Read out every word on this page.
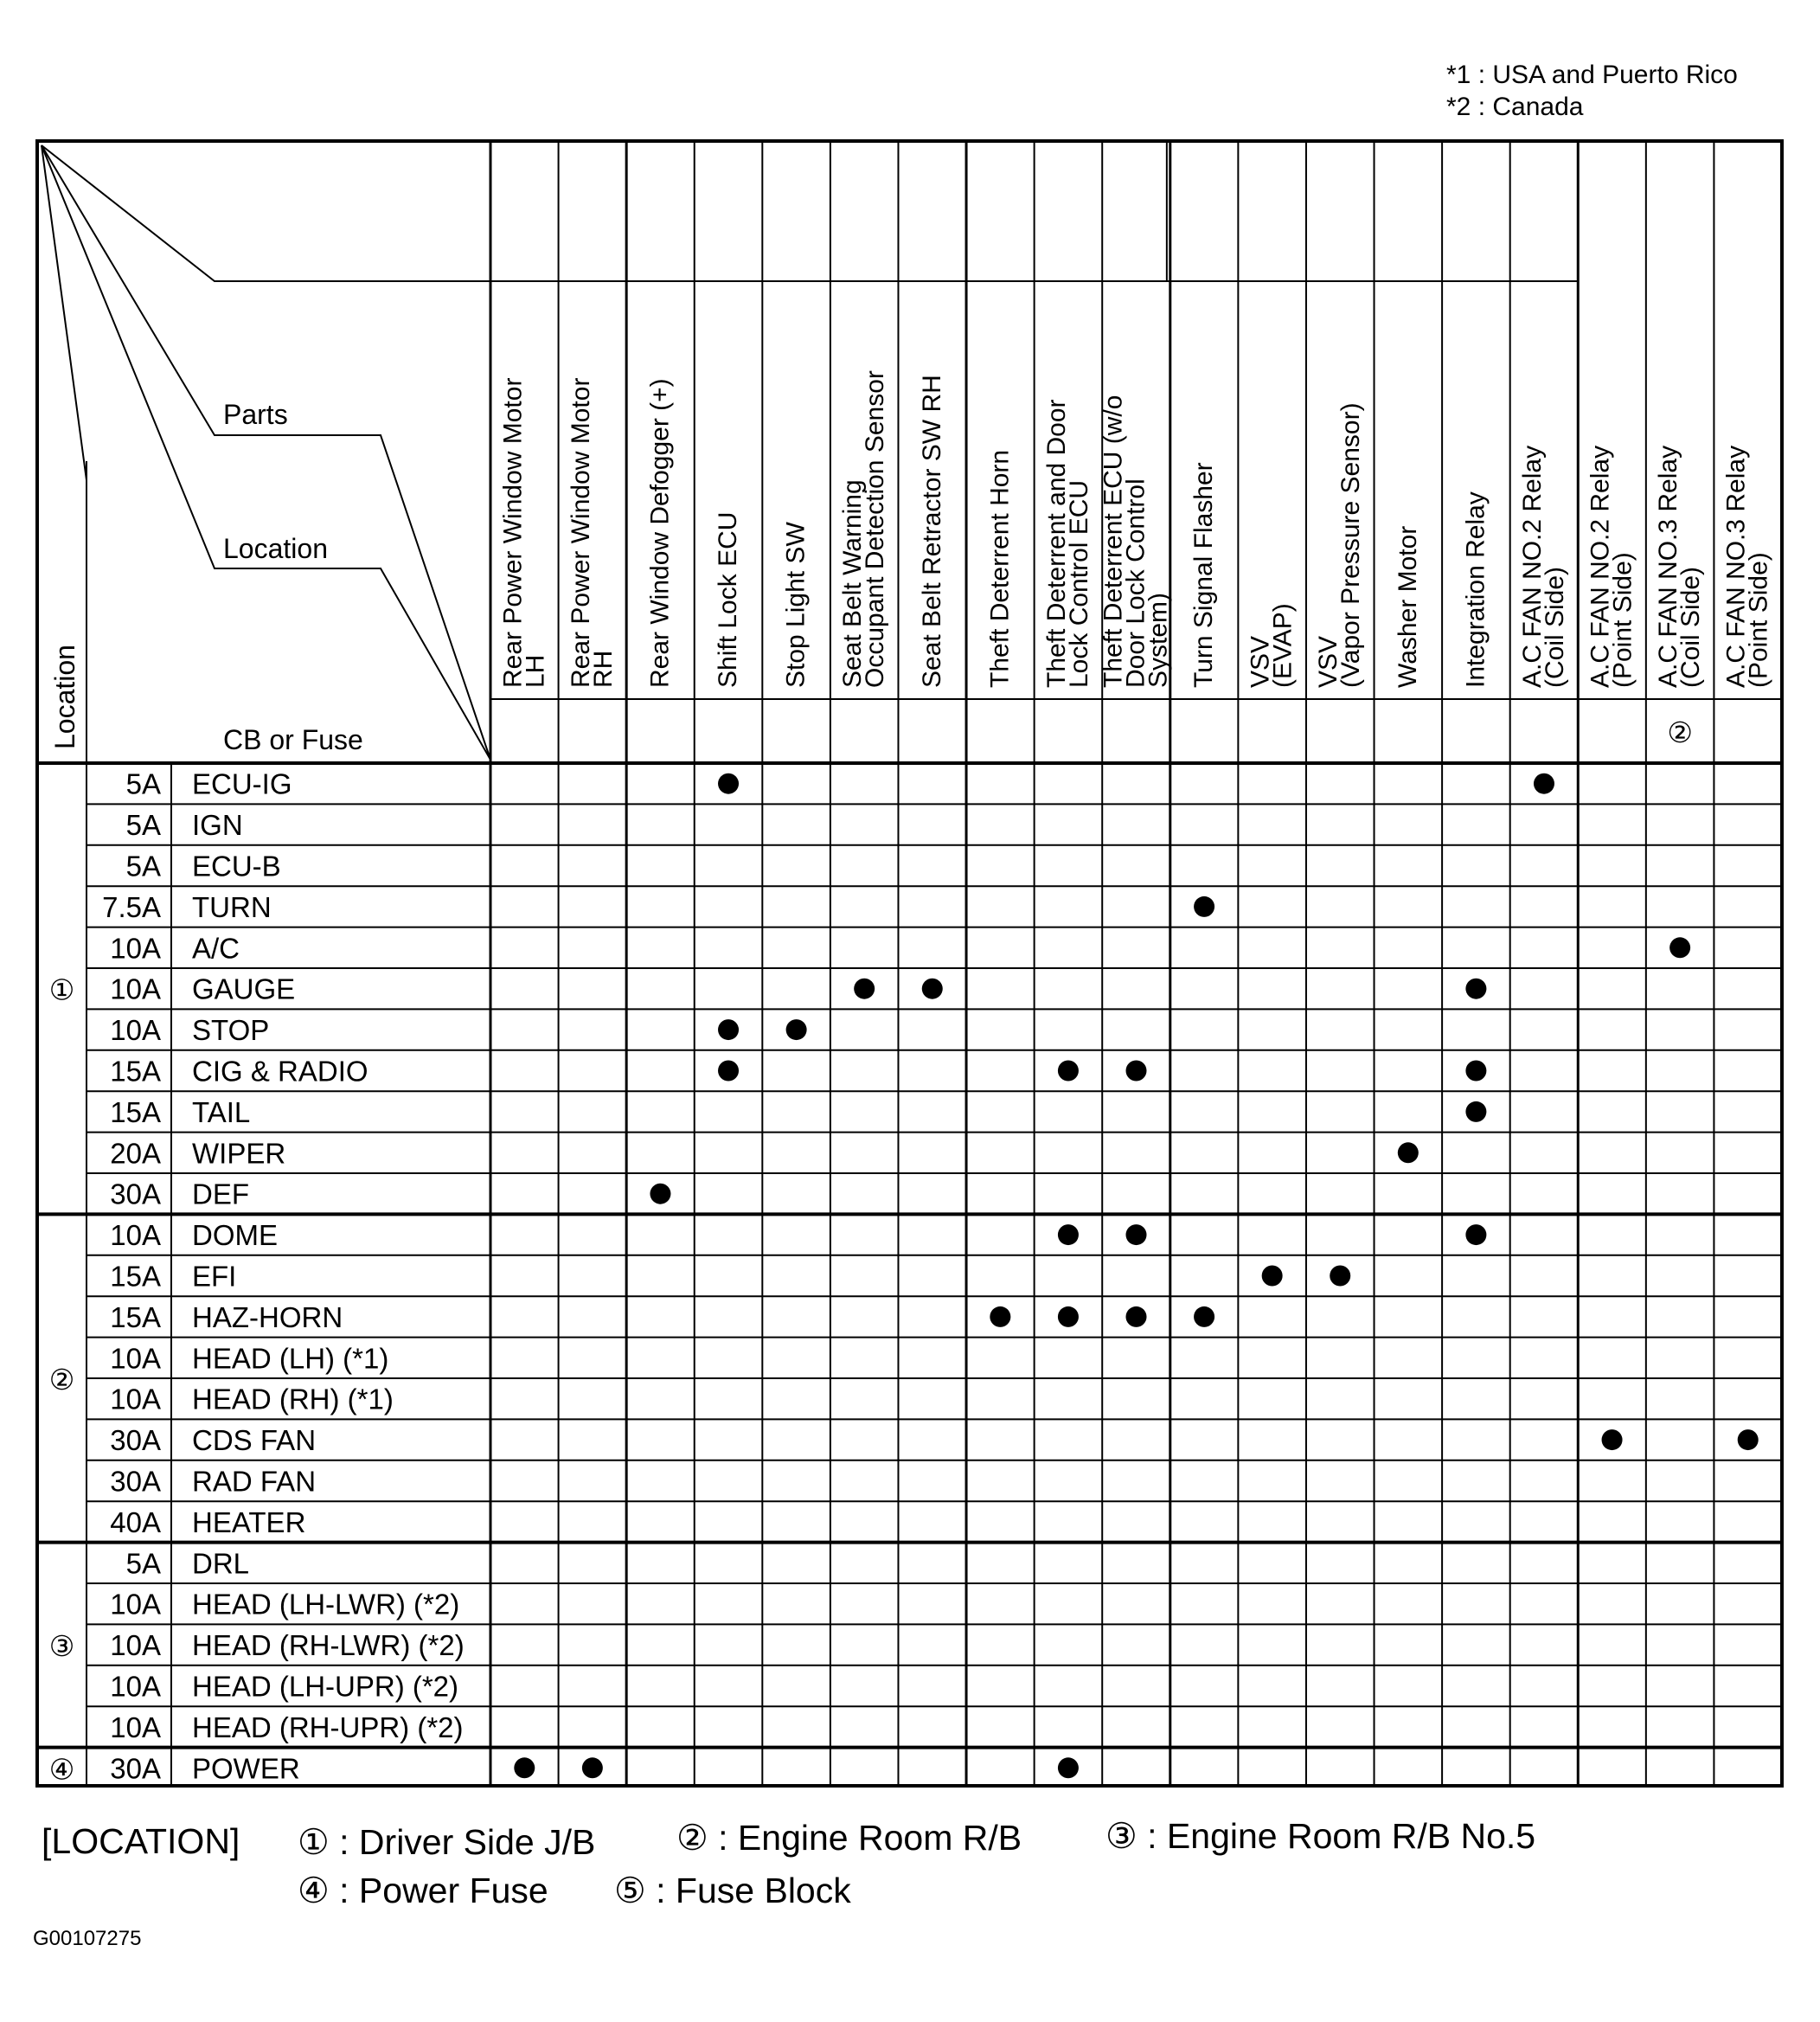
*1 : USA and Puerto Rico
*2 : Canada
Parts
Location
CB or Fuse
Location
Rear Power Window Motor
LH Rear Power Window Motor
RH Rear Window Defogger (+) Shift Lock ECU Stop Light SW Seat Belt Warning
Occupant Detection Sensor Seat Belt Retractor SW RH Theft Deterrent Horn Theft Deterrent and Door
Lock Control ECU Theft Deterrent ECU (w/o
Door Lock Control
System) Turn Signal Flasher VSV
(EVAP) VSV
(Vapor Pressure Sensor) Washer Motor Integration Relay A.C FAN NO.2 Relay
(Coil Side) A.C FAN NO.2 Relay
(Point Side) A.C FAN NO.3 Relay
(Coil Side) A.C FAN NO.3 Relay
(Point Side)
②
5A ECU-IG
5A IGN
5A ECU-B
7.5A TURN
10A A/C
10A GAUGE
10A STOP
15A CIG & RADIO
15A TAIL
20A WIPER
30A DEF
①
10A DOME
15A EFI
15A HAZ-HORN
10A HEAD (LH) (*1)
10A HEAD (RH) (*1)
30A CDS FAN
30A RAD FAN
40A HEATER
②
5A DRL
10A HEAD (LH-LWR) (*2)
10A HEAD (RH-LWR) (*2)
10A HEAD (LH-UPR) (*2)
10A HEAD (RH-UPR) (*2)
③
30A POWER
④
[LOCATION] ① : Driver Side J/B ② : Engine Room R/B ③ : Engine Room R/B No.5
④ : Power Fuse ⑤ : Fuse Block
G00107275
